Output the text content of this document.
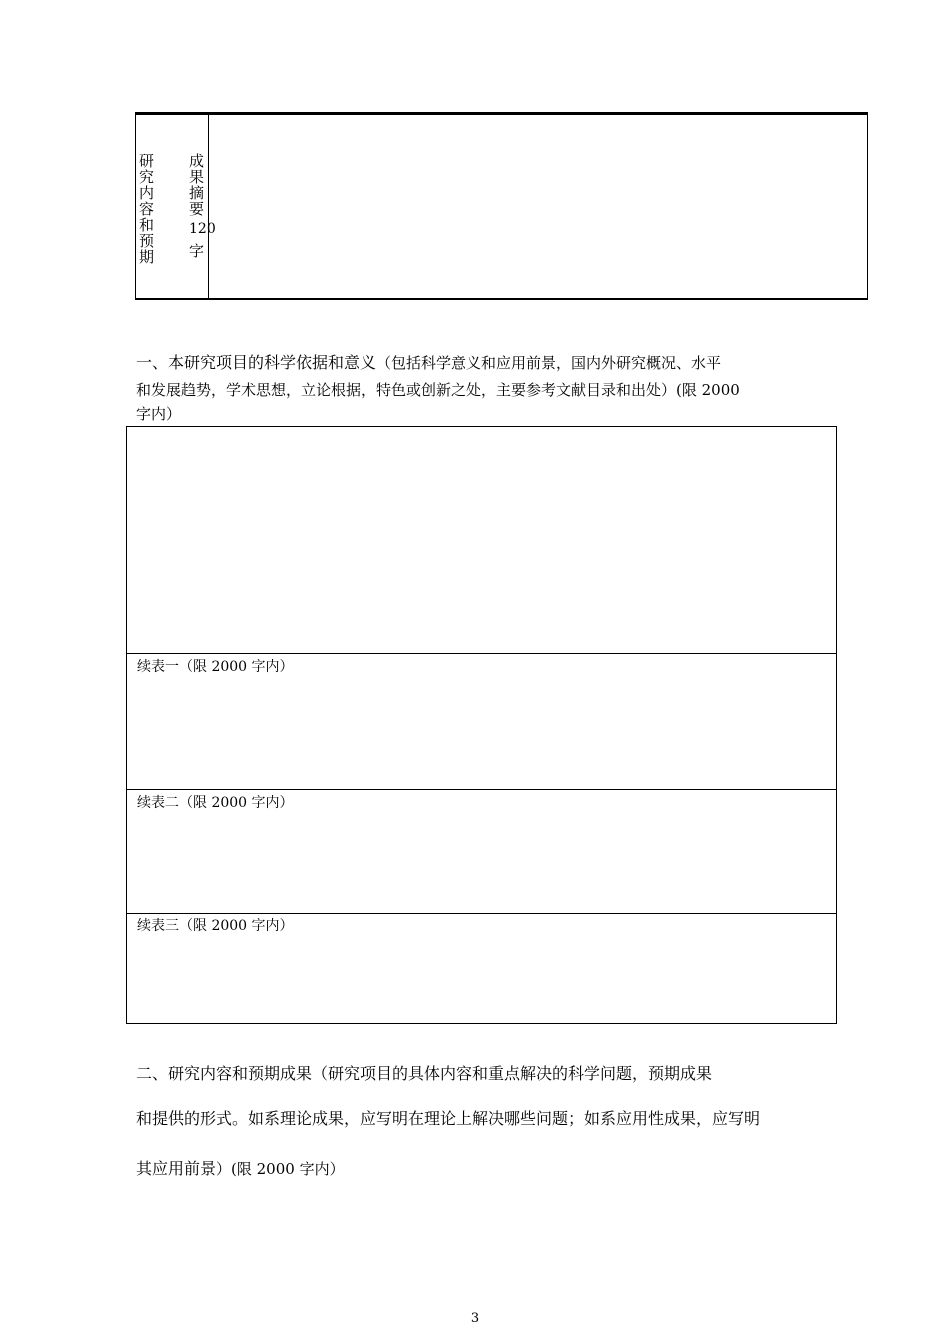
研
究
内
容
和
预
期
成
果
摘
要
120
字
一、本研究项目的科学依据和意义（包括科学意义和应用前景，国内外研究概况、水平
和发展趋势，学术思想，立论根据，特色或创新之处，主要参考文献目录和出处）(限 2000
字内）
续表一（限 2000 字内）
续表二（限 2000 字内）
续表三（限 2000 字内）
二、研究内容和预期成果（研究项目的具体内容和重点解决的科学问题，预期成果
和提供的形式。如系理论成果，应写明在理论上解决哪些问题；如系应用性成果，应写明
其应用前景）(限 2000 字内）
3
